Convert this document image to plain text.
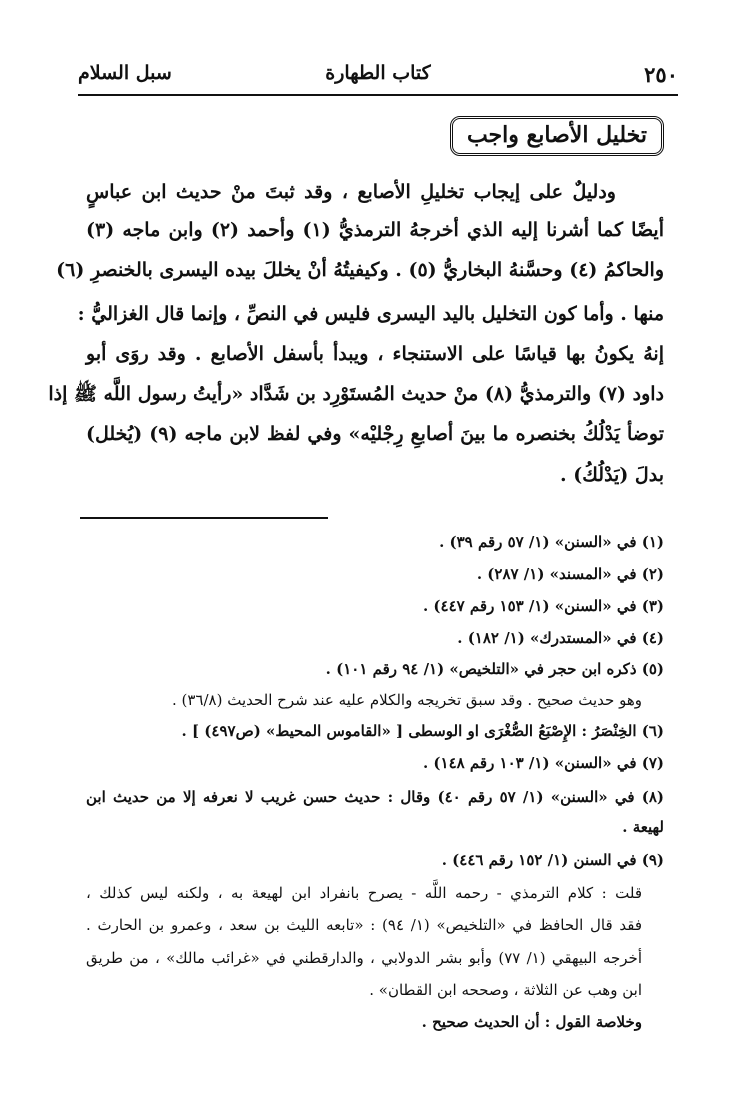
٢٥٠
كتاب الطهارة
سبل السلام
تخليل الأصابع واجب
ودليلٌ على إيجاب تخليلِ الأصابع ، وقد ثبتَ منْ حديث ابن عباسٍ
أيضًا كما أشرنا إليه الذي أخرجهُ الترمذيُّ (١) وأحمد (٢) وابن ماجه (٣)
والحاكمُ (٤) وحسَّنهُ البخاريُّ (٥) . وكيفيتُهُ أنْ يخللَ بيده اليسرى بالخنصرِ (٦)
منها . وأما كون التخليل باليد اليسرى فليس في النصِّ ، وإنما قال الغزاليُّ :
إنهُ يكونُ بها قياسًا على الاستنجاء ، ويبدأ بأسفل الأصابع . وقد روَى أبو
داود (٧) والترمذيُّ (٨) منْ حديث المُستَوْرِد بن شَدَّاد «رأيتُ رسول اللَّه ﷺ إذا
توضأ يَدْلُكُ بخنصره ما بينَ أصابعِ رِجْليْه» وفي لفظ لابن ماجه (٩) (يُخلل)
بدلَ (يَدْلُكُ) .
(١) في «السنن» (١/ ٥٧ رقم ٣٩) .
(٢) في «المسند» (١/ ٢٨٧) .
(٣) في «السنن» (١/ ١٥٣ رقم ٤٤٧) .
(٤) في «المستدرك» (١/ ١٨٢) .
(٥) ذكره ابن حجر في «التلخيص» (١/ ٩٤ رقم ١٠١) .
وهو حديث صحيح . وقد سبق تخريجه والكلام عليه عند شرح الحديث (٣٦/٨) .
(٦) الخِنْصَرُ : الإِصْبَعُ الصُّغْرَى او الوسطى [ «القاموس المحيط» (ص٤٩٧) ] .
(٧) في «السنن» (١/ ١٠٣ رقم ١٤٨) .
(٨) في «السنن» (١/ ٥٧ رقم ٤٠) وقال : حديث حسن غريب لا نعرفه إلا من حديث ابن
لهيعة .
(٩) في السنن (١/ ١٥٢ رقم ٤٤٦) .
قلت : كلام الترمذي - رحمه اللَّه - يصرح بانفراد ابن لهيعة به ، ولكنه ليس كذلك ،
فقد قال الحافظ في «التلخيص» (١/ ٩٤) : «تابعه الليث بن سعد ، وعمرو بن الحارث .
أخرجه البيهقي (١/ ٧٧) وأبو بشر الدولابي ، والدارقطني في «غرائب مالك» ، من طريق
ابن وهب عن الثلاثة ، وصححه ابن القطان» .
وخلاصة القول : أن الحديث صحيح .
